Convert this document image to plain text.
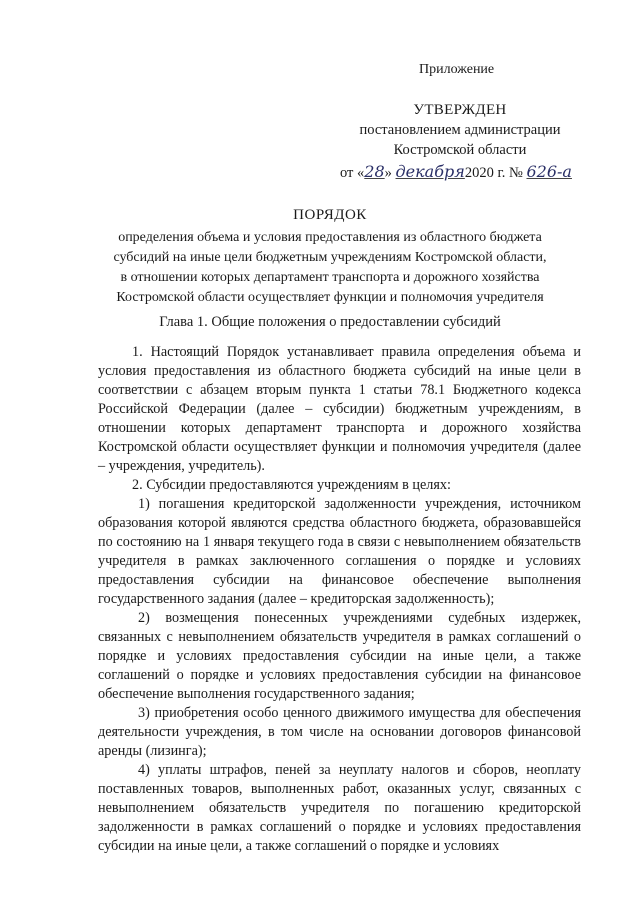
Приложение
УТВЕРЖДЕН
постановлением администрации
Костромской области
от «28» декабря2020 г. № 626-а
ПОРЯДОК
определения объема и условия предоставления из областного бюджета
субсидий на иные цели бюджетным учреждениям Костромской области,
в отношении которых департамент транспорта и дорожного хозяйства
Костромской области осуществляет функции и полномочия учредителя
Глава 1. Общие положения о предоставлении субсидий

1. Настоящий Порядок устанавливает правила определения объема и условия предоставления из областного бюджета субсидий на иные цели в соответствии с абзацем вторым пункта 1 статьи 78.1 Бюджетного кодекса Российской Федерации (далее – субсидии) бюджетным учреждениям, в отношении которых департамент транспорта и дорожного хозяйства Костромской области осуществляет функции и полномочия учредителя (далее – учреждения, учредитель).

2. Субсидии предоставляются учреждениям в целях:

1) погашения кредиторской задолженности учреждения, источником образования которой являются средства областного бюджета, образовавшейся по состоянию на 1 января текущего года в связи с невыполнением обязательств учредителя в рамках заключенного соглашения о порядке и условиях предоставления субсидии на финансовое обеспечение выполнения государственного задания (далее – кредиторская задолженность);

2) возмещения понесенных учреждениями судебных издержек, связанных с невыполнением обязательств учредителя в рамках соглашений о порядке и условиях предоставления субсидии на иные цели, а также соглашений о порядке и условиях предоставления субсидии на финансовое обеспечение выполнения государственного задания;

3) приобретения особо ценного движимого имущества для обеспечения деятельности учреждения, в том числе на основании договоров финансовой аренды (лизинга);

4) уплаты штрафов, пеней за неуплату налогов и сборов, неоплату поставленных товаров, выполненных работ, оказанных услуг, связанных с невыполнением обязательств учредителя по погашению кредиторской задолженности в рамках соглашений о порядке и условиях предоставления субсидии на иные цели, а также соглашений о порядке и условиях
